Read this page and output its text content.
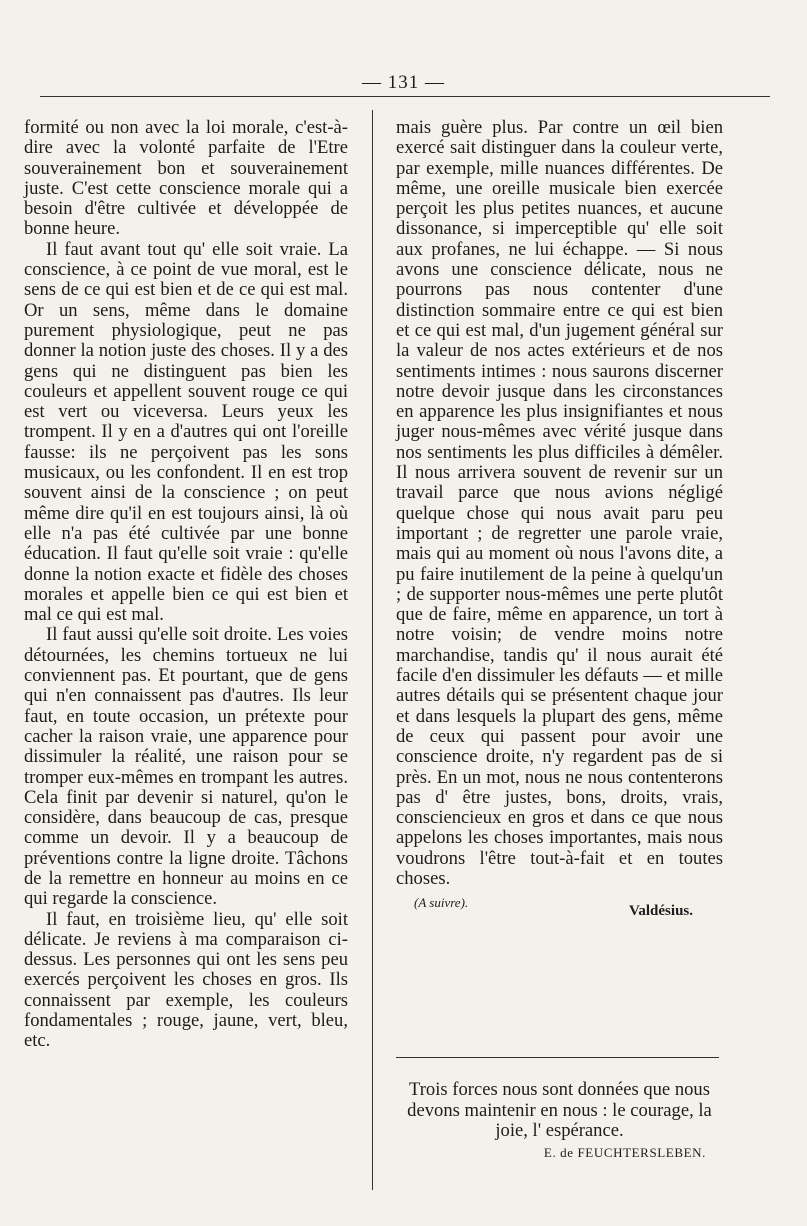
— 131 —

formité ou non avec la loi morale, c'est-à-dire avec la volonté parfaite de l'Etre souverainement bon et souverainement juste. C'est cette conscience morale qui a besoin d'être cultivée et développée de bonne heure.

Il faut avant tout qu' elle soit vraie. La conscience, à ce point de vue moral, est le sens de ce qui est bien et de ce qui est mal. Or un sens, même dans le domaine purement physiologique, peut ne pas donner la notion juste des choses. Il y a des gens qui ne distinguent pas bien les couleurs et appellent souvent rouge ce qui est vert ou viceversa. Leurs yeux les trompent. Il y en a d'autres qui ont l'oreille fausse: ils ne perçoivent pas les sons musicaux, ou les confondent. Il en est trop souvent ainsi de la conscience ; on peut même dire qu'il en est toujours ainsi, là où elle n'a pas été cultivée par une bonne éducation. Il faut qu'elle soit vraie : qu'elle donne la notion exacte et fidèle des choses morales et appelle bien ce qui est bien et mal ce qui est mal.

Il faut aussi qu'elle soit droite. Les voies détournées, les chemins tortueux ne lui conviennent pas. Et pourtant, que de gens qui n'en connaissent pas d'autres. Ils leur faut, en toute occasion, un prétexte pour cacher la raison vraie, une apparence pour dissimuler la réalité, une raison pour se tromper eux-mêmes en trompant les autres. Cela finit par devenir si naturel, qu'on le considère, dans beaucoup de cas, presque comme un devoir. Il y a beaucoup de préventions contre la ligne droite. Tâchons de la remettre en honneur au moins en ce qui regarde la conscience.

Il faut, en troisième lieu, qu' elle soit délicate. Je reviens à ma comparaison ci-dessus. Les personnes qui ont les sens peu exercés perçoivent les choses en gros. Ils connaissent par exemple, les couleurs fondamentales ; rouge, jaune, vert, bleu, etc.

mais guère plus. Par contre un œil bien exercé sait distinguer dans la couleur verte, par exemple, mille nuances différentes. De même, une oreille musicale bien exercée perçoit les plus petites nuances, et aucune dissonance, si imperceptible qu' elle soit aux profanes, ne lui échappe. — Si nous avons une conscience délicate, nous ne pourrons pas nous contenter d'une distinction sommaire entre ce qui est bien et ce qui est mal, d'un jugement général sur la valeur de nos actes extérieurs et de nos sentiments intimes : nous saurons discerner notre devoir jusque dans les circonstances en apparence les plus insignifiantes et nous juger nous-mêmes avec vérité jusque dans nos sentiments les plus difficiles à démêler. Il nous arrivera souvent de revenir sur un travail parce que nous avions négligé quelque chose qui nous avait paru peu important ; de regretter une parole vraie, mais qui au moment où nous l'avons dite, a pu faire inutilement de la peine à quelqu'un ; de supporter nous-mêmes une perte plutôt que de faire, même en apparence, un tort à notre voisin; de vendre moins notre marchandise, tandis qu' il nous aurait été facile d'en dissimuler les défauts — et mille autres détails qui se présentent chaque jour et dans lesquels la plupart des gens, même de ceux qui passent pour avoir une conscience droite, n'y regardent pas de si près. En un mot, nous ne nous contenterons pas d' être justes, bons, droits, vrais, consciencieux en gros et dans ce que nous appelons les choses importantes, mais nous voudrons l'être tout-à-fait et en toutes choses.

(A suivre).
Valdésius.
Trois forces nous sont données que nous devons maintenir en nous : le courage, la joie, l' espérance.
E. de FEUCHTERSLEBEN.
